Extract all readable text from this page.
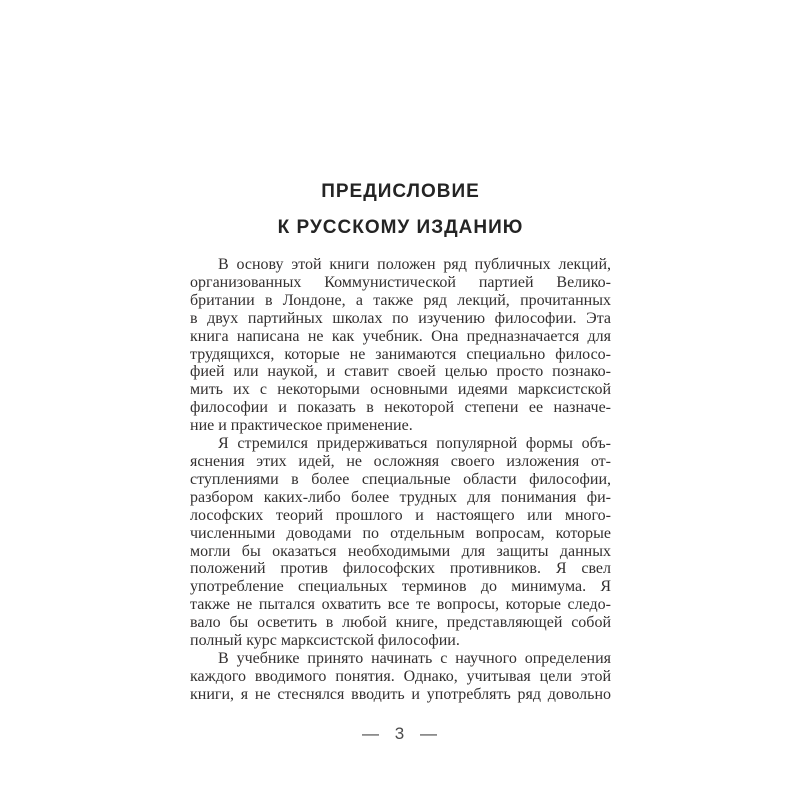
ПРЕДИСЛОВИЕ
К РУССКОМУ ИЗДАНИЮ
В основу этой книги положен ряд публичных лекций,
организованных Коммунистической партией Велико-
британии в Лондоне, а также ряд лекций, прочитанных
в двух партийных школах по изучению философии. Эта
книга написана не как учебник. Она предназначается для
трудящихся, которые не занимаются специально филосо-
фией или наукой, и ставит своей целью просто познако-
мить их с некоторыми основными идеями марксистской
философии и показать в некоторой степени ее назначе-
ние и практическое применение.
Я стремился придерживаться популярной формы объ-
яснения этих идей, не осложняя своего изложения от-
ступлениями в более специальные области философии,
разбором каких-либо более трудных для понимания фи-
лософских теорий прошлого и настоящего или много-
численными доводами по отдельным вопросам, которые
могли бы оказаться необходимыми для защиты данных
положений против философских противников. Я свел
употребление специальных терминов до минимума. Я
также не пытался охватить все те вопросы, которые следо-
вало бы осветить в любой книге, представляющей собой
полный курс марксистской философии.
В учебнике принято начинать с научного определения
каждого вводимого понятия. Однако, учитывая цели этой
книги, я не стеснялся вводить и употреблять ряд довольно
— 3 —
